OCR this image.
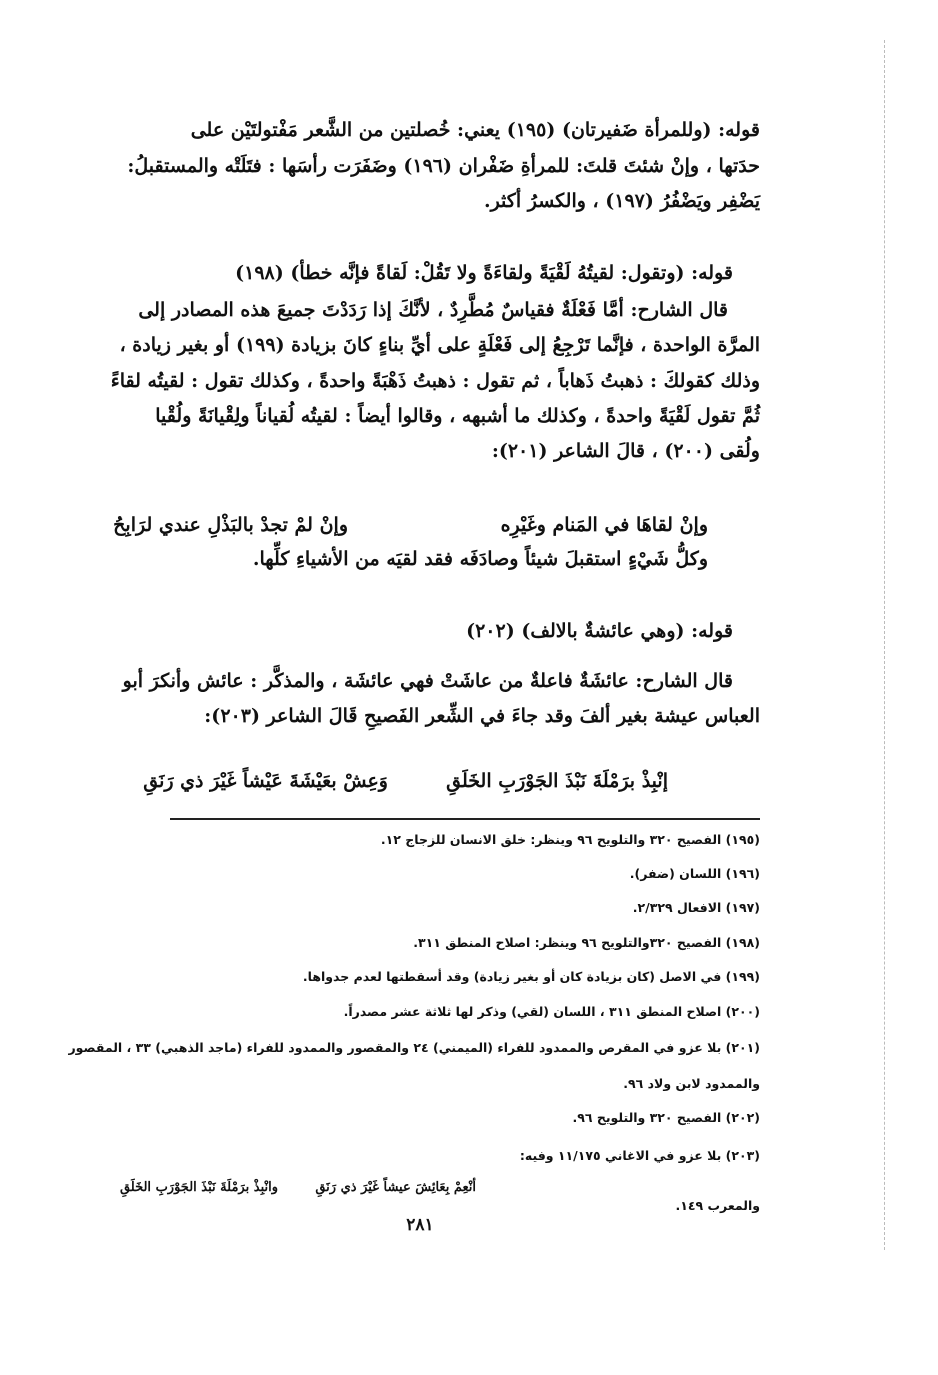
قوله: (وللمرأة ضَفيرتان) (١٩٥) يعني: خُصلتين من الشَّعر مَفْتولتَيْن على
حدَتها ، وإنْ شئتَ قلتَ: للمرأةِ ضَفْران (١٩٦) وضَفَرَت رأسَها : فتَلَتْه والمستقبلُ:
يَضْفِر ويَضْفُرُ (١٩٧) ، والكسرُ أكثر.
قوله: (وتقول: لقيتُهُ لَقْيَةً ولقاءَةً ولا تَقُلْ: لَقاةً فإنَّه خطأ) (١٩٨)
قال الشارح: أمَّا فَعْلَةٌ فقياسٌ مُطَّرِدٌ ، لأنَّكَ إذا رَدَدْتَ جميعَ هذه المصادر إلى
المرَّة الواحدة ، فإنَّما تَرْجِعُ إلى فَعْلَةٍ على أيِّ بناءٍ كانَ بزيادة (١٩٩) أو بغير زيادة ،
وذلك كقولكَ : ذهبتُ ذَهاباً ، ثم تقول : ذهبتُ ذَهْبَةً واحدةً ، وكذلك تقول : لقيتُه لقاءً
ثُمَّ تقول لَقْيَةً واحدةً ، وكذلك ما أشبهه ، وقالوا أيضاً : لقيتُه لُقياناً ولِقْيانَةً ولُقْيا
ولُقى (٢٠٠) ، قالَ الشاعر (٢٠١):
وإنْ لقاهَا في المَنام وغَيْرِه
وإنْ لمْ تجدْ بالبَذْلِ عندي لرَابِحُ
وكلُّ شَيْءٍ استقبلَ شيئاً وصادَفَه فقد لقيَه من الأشياءِ كلِّها.
قوله: (وهي عائشةٌ بالالف) (٢٠٢)
قال الشارح: عائشَةٌ فاعلةٌ من عاشَتْ فهي عائشَة ، والمذكَّر : عائش وأنكرَ أبو
العباس عيشة بغير ألفَ وقد جاءَ في الشِّعر الفَصيحِ قَالَ الشاعر (٢٠٣):
إنْبِذْ برَمْلَةَ نَبْذَ الجَوْرَبِ الخَلَقِ
وَعِشْ بعَيْشَةَ عَيْشاً غَيْرَ ذي رَنَقِ
(١٩٥) الفصيح ٣٢٠ والتلويح ٩٦ وينظر: خلق الانسان للزجاج ١٢.
(١٩٦) اللسان (ضفر).
(١٩٧) الافعال ٢/٣٢٩.
(١٩٨) الفصيح ٣٢٠والتلويح ٩٦ وينظر: اصلاح المنطق ٣١١.
(١٩٩) في الاصل (كان بزيادة كان أو بغير زيادة) وقد أسقطتها لعدم جدواها.
(٢٠٠) اصلاح المنطق ٣١١ ، اللسان (لقي) وذكر لها ثلاثة عشر مصدراً.
(٢٠١) بلا عزو في المقرص والممدود للفراء (الميمني) ٢٤ والمقصور والممدود للفراء (ماجد الذهبي) ٣٣ ، المقصور
والممدود لابن ولاد ٩٦.
(٢٠٢) الفصيح ٣٢٠ والتلويح ٩٦.
(٢٠٣) بلا عزو في الاغاني ١١/١٧٥ وفيه:
وانْبِذْ برَمْلَةَ نَبْذَ الجَوْرَبِ الخَلَقِ	أنْعِمْ بِعَائِشَ عيشاً غَيْرَ ذي رَنَقِ
والمعرب ١٤٩.
٢٨١
